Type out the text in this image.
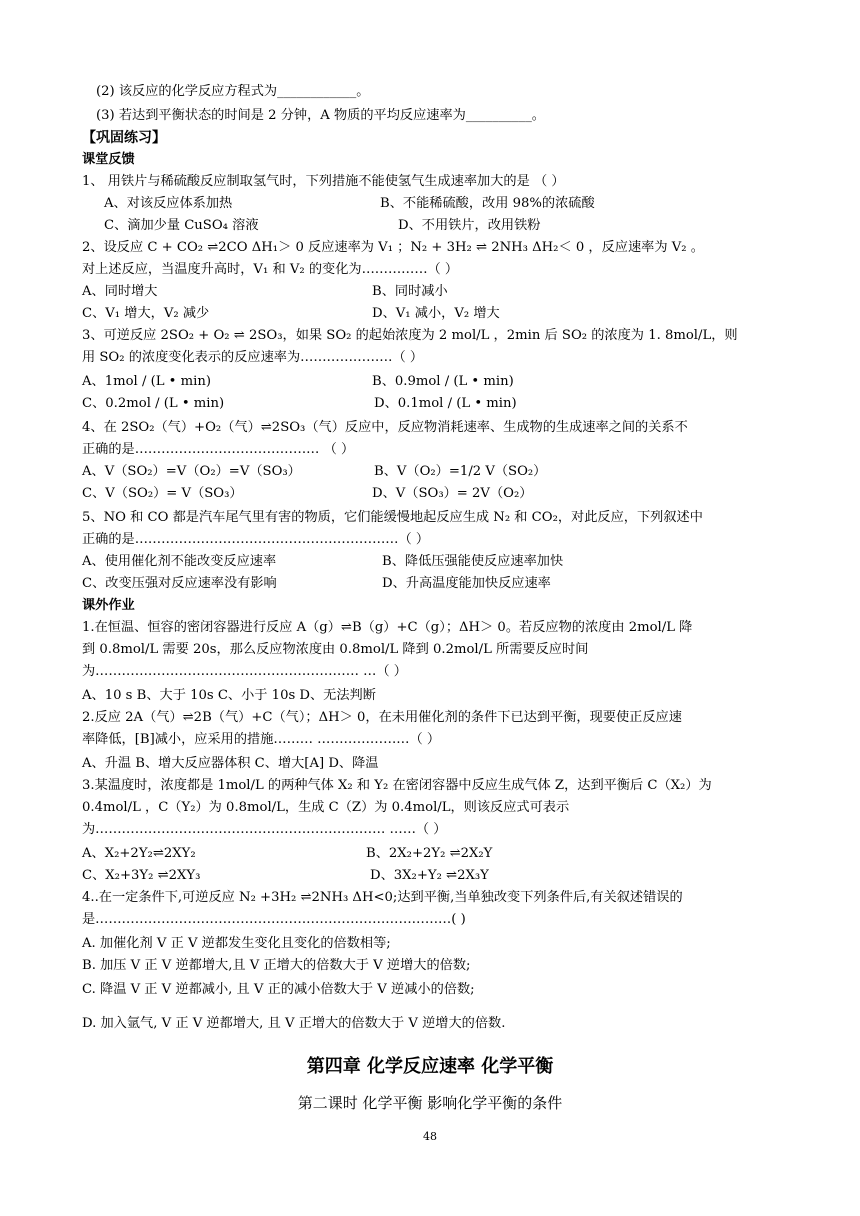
(2) 该反应的化学反应方程式为____________。
(3) 若达到平衡状态的时间是 2 分钟，A 物质的平均反应速率为__________。
【巩固练习】
课堂反馈
1、 用铁片与稀硫酸反应制取氢气时，下列措施不能使氢气生成速率加大的是 （ ）
A、对该反应体系加热	B、不能稀硫酸，改用 98%的浓硫酸
C、滴加少量 CuSO₄ 溶液	D、不用铁片，改用铁粉
2、设反应 C + CO₂ ⇌2CO ΔH₁＞ 0 反应速率为 V₁ ；N₂ + 3H₂ ⇌ 2NH₃ ΔH₂＜ 0 ，反应速率为 V₂ 。
对上述反应，当温度升高时，V₁ 和 V₂ 的变化为……………（ ）
A、同时增大	B、同时减小
C、V₁ 增大，V₂ 减少	D、V₁ 减小，V₂ 增大
3、可逆反应 2SO₂ + O₂ ⇌ 2SO₃，如果 SO₂ 的起始浓度为 2 mol/L ，2min 后 SO₂ 的浓度为 1. 8mol/L，则
用 SO₂ 的浓度变化表示的反应速率为…………………（ ）
A、1mol / (L • min)	B、0.9mol / (L • min)
C、0.2mol / (L • min)	D、0.1mol / (L • min)
4、在 2SO₂（气）+O₂（气）⇌2SO₃（气）反应中，反应物消耗速率、生成物的生成速率之间的关系不
正确的是…………………………………… （ ）
A、V（SO₂）=V（O₂）=V（SO₃）	B、V（O₂）=1/2 V（SO₂）
C、V（SO₂）= V（SO₃）	D、V（SO₃）= 2V（O₂）
5、NO 和 CO 都是汽车尾气里有害的物质，它们能缓慢地起反应生成 N₂ 和 CO₂，对此反应，下列叙述中
正确的是……………………………………………………（ ）
A、使用催化剂不能改变反应速率	B、降低压强能使反应速率加快
C、改变压强对反应速率没有影响	D、升高温度能加快反应速率
课外作业
1.在恒温、恒容的密闭容器进行反应 A（g）⇌B（g）+C（g）；ΔH＞ 0。若反应物的浓度由 2mol/L 降
到 0.8mol/L 需要 20s，那么反应物浓度由 0.8mol/L 降到 0.2mol/L 所需要反应时间
为…………………………………………………… …（ ）
A、10 s B、大于 10s C、小于 10s D、无法判断
2.反应 2A（气）⇌2B（气）+C（气）；ΔH＞ 0，在未用催化剂的条件下已达到平衡，现要使正反应速
率降低，[B]减小，应采用的措施……… …………………（ ）
A、升温 B、增大反应器体积 C、增大[A] D、降温
3.某温度时，浓度都是 1mol/L 的两种气体 X₂ 和 Y₂ 在密闭容器中反应生成气体 Z，达到平衡后 C（X₂）为
0.4mol/L ，C（Y₂）为 0.8mol/L，生成 C（Z）为 0.4mol/L，则该反应式可表示
为………………………………………………………… ……（ ）
A、X₂+2Y₂⇌2XY₂	B、2X₂+2Y₂ ⇌2X₂Y
C、X₂+3Y₂ ⇌2XY₃	D、3X₂+Y₂ ⇌2X₃Y
4..在一定条件下,可逆反应 N₂ +3H₂ ⇌2NH₃ ΔH<0;达到平衡,当单独改变下列条件后,有关叙述错误的
是………………………………………………………………………( )
A. 加催化剂 V 正 V 逆都发生变化且变化的倍数相等;
B. 加压 V 正 V 逆都增大,且 V 正增大的倍数大于 V 逆增大的倍数;
C. 降温 V 正 V 逆都减小, 且 V 正的减小倍数大于 V 逆减小的倍数;
D. 加入氩气, V 正 V 逆都增大, 且 V 正增大的倍数大于 V 逆增大的倍数.
第四章 化学反应速率 化学平衡
第二课时 化学平衡 影响化学平衡的条件
48
